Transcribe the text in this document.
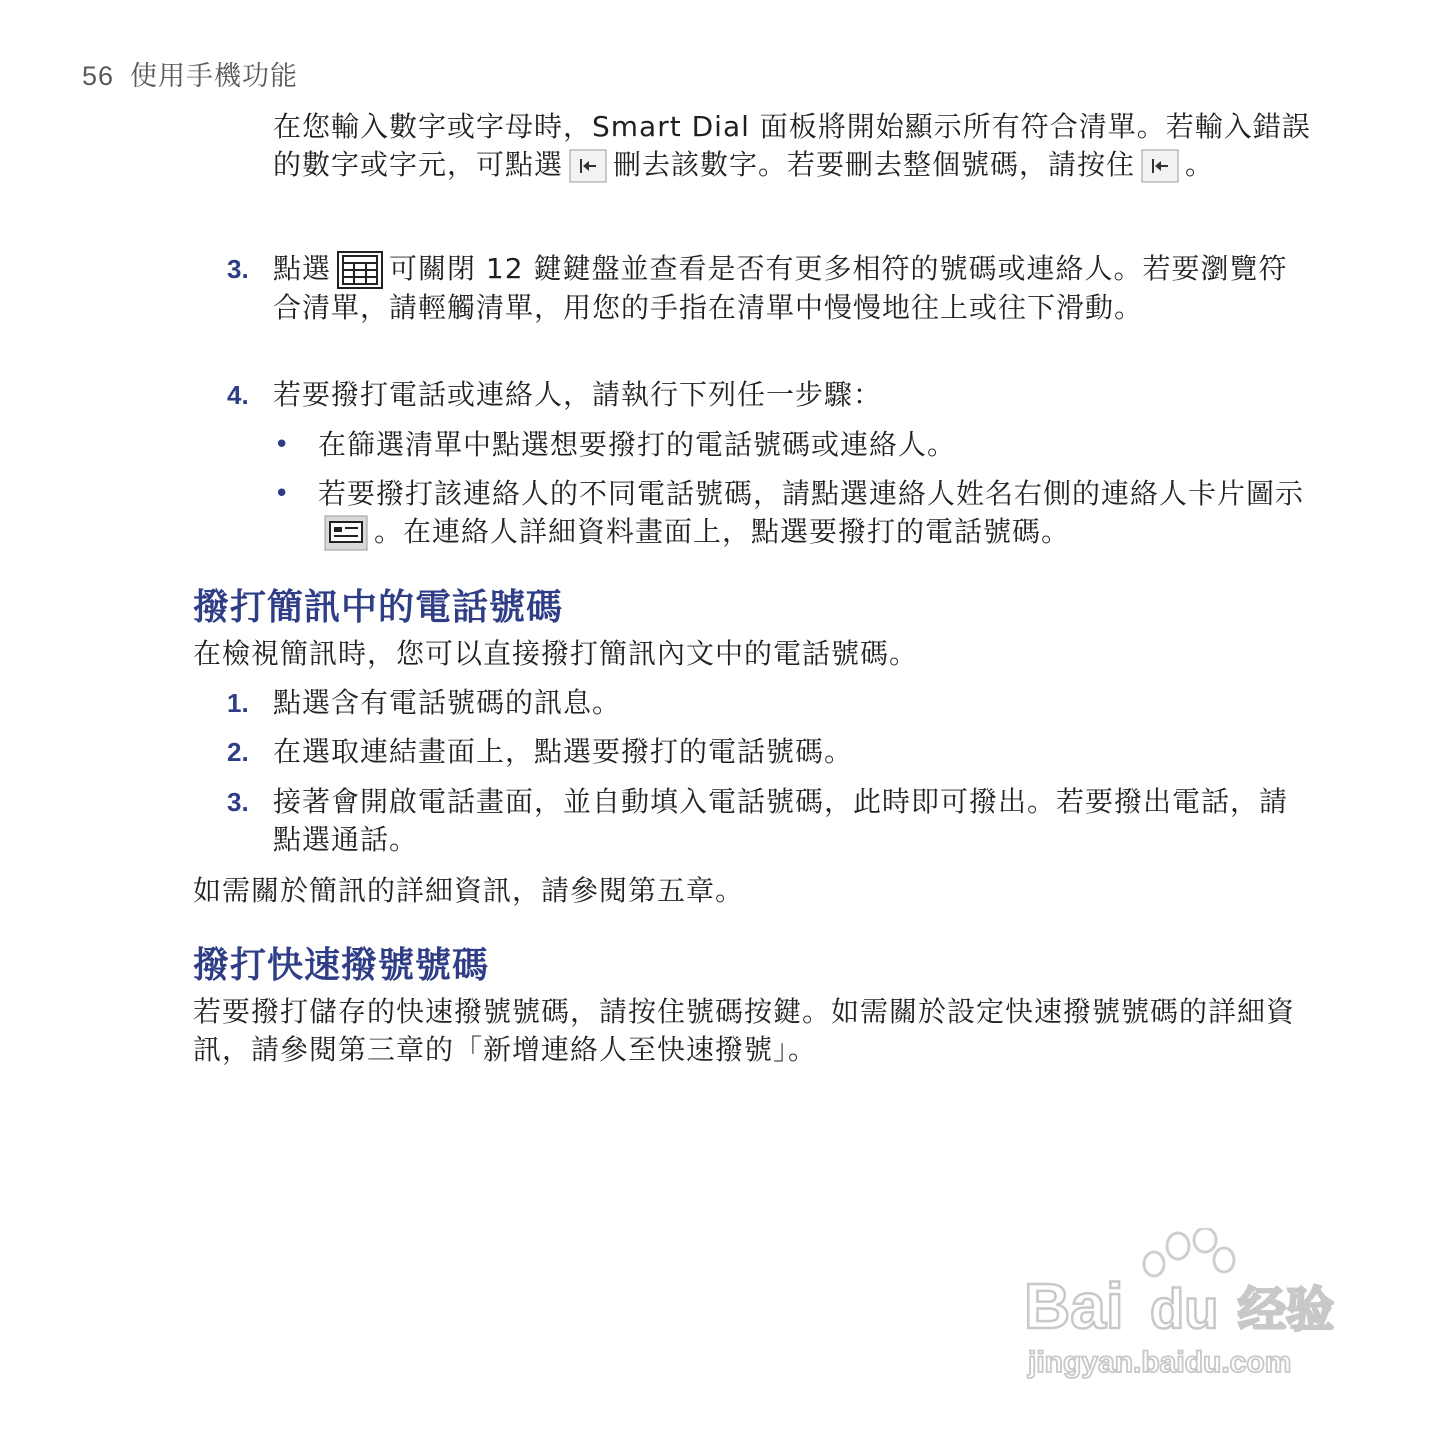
56 使用手機功能
在您輸入數字或字母時，Smart Dial 面板將開始顯示所有符合清單。若輸入錯誤的數字或字元，可點選 刪去該數字。若要刪去整個號碼，請按住 。
3. 點選 可關閉 12 鍵鍵盤並查看是否有更多相符的號碼或連絡人。若要瀏覽符合清單，請輕觸清單，用您的手指在清單中慢慢地往上或往下滑動。
4. 若要撥打電話或連絡人，請執行下列任一步驟：
• 在篩選清單中點選想要撥打的電話號碼或連絡人。
• 若要撥打該連絡人的不同電話號碼，請點選連絡人姓名右側的連絡人卡片圖示
。在連絡人詳細資料畫面上，點選要撥打的電話號碼。
撥打簡訊中的電話號碼
在檢視簡訊時，您可以直接撥打簡訊內文中的電話號碼。
1. 點選含有電話號碼的訊息。
2. 在選取連結畫面上，點選要撥打的電話號碼。
3. 接著會開啟電話畫面，並自動填入電話號碼，此時即可撥出。若要撥出電話，請點選通話。
如需關於簡訊的詳細資訊，請參閱第五章。
撥打快速撥號號碼
若要撥打儲存的快速撥號號碼，請按住號碼按鍵。如需關於設定快速撥號號碼的詳細資訊，請參閱第三章的「新增連絡人至快速撥號」。
Bai du 经验
jingyan.baidu.com
